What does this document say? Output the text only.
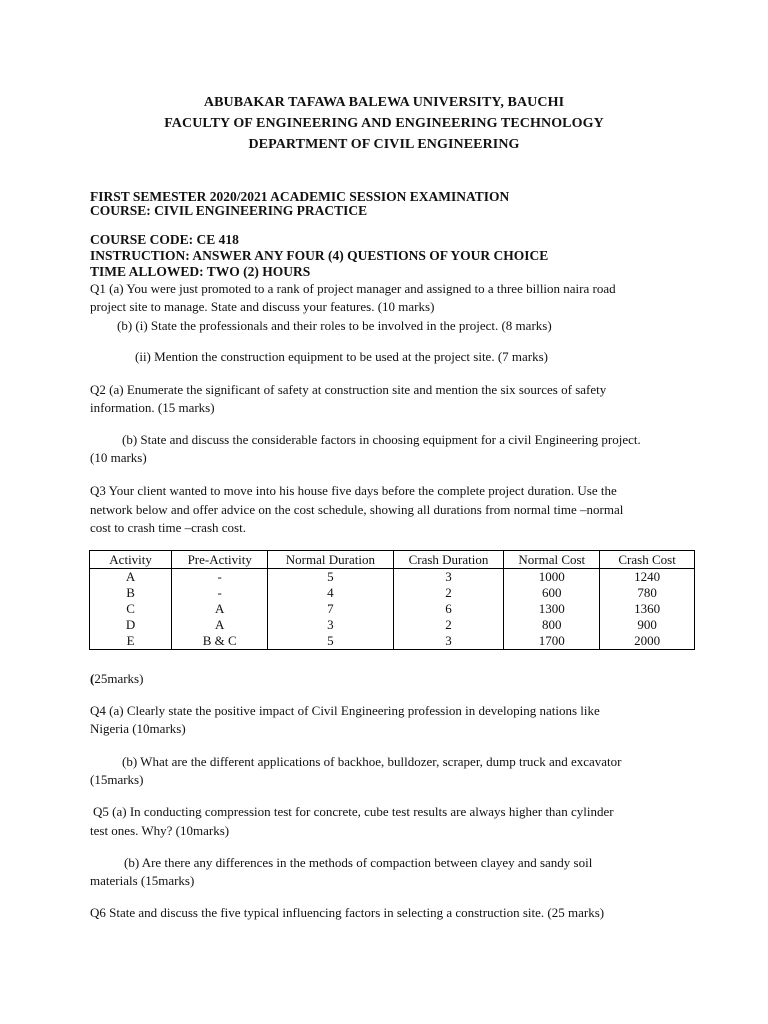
ABUBAKAR TAFAWA BALEWA UNIVERSITY, BAUCHI
FACULTY OF ENGINEERING AND ENGINEERING TECHNOLOGY
DEPARTMENT OF CIVIL ENGINEERING
FIRST SEMESTER 2020/2021 ACADEMIC SESSION EXAMINATION
COURSE: CIVIL ENGINEERING PRACTICE
COURSE CODE: CE 418
INSTRUCTION: ANSWER ANY FOUR (4) QUESTIONS OF YOUR CHOICE
TIME ALLOWED: TWO (2) HOURS
Q1 (a) You were just promoted to a rank of project manager and assigned to a three billion naira road
project site to manage. State and discuss your features. (10 marks)
(b) (i) State the professionals and their roles to be involved in the project. (8 marks)
(ii) Mention the construction equipment to be used at the project site. (7 marks)
Q2 (a) Enumerate the significant of safety at construction site and mention the six sources of safety
information. (15 marks)
(b) State and discuss the considerable factors in choosing equipment for a civil Engineering project.
(10 marks)
Q3 Your client wanted to move into his house five days before the complete project duration. Use the
network below and offer advice on the cost schedule, showing all durations from normal time –normal
cost to crash time –crash cost.
Activity	Pre-Activity	Normal Duration	Crash Duration	Normal Cost	Crash Cost
A	-	5	3	1000	1240
B	-	4	2	600	780
C	A	7	6	1300	1360
D	A	3	2	800	900
E	B & C	5	3	1700	2000
(25marks)
Q4 (a) Clearly state the positive impact of Civil Engineering profession in developing nations like
Nigeria (10marks)
(b) What are the different applications of backhoe, bulldozer, scraper, dump truck and excavator
(15marks)
Q5 (a) In conducting compression test for concrete, cube test results are always higher than cylinder
test ones. Why? (10marks)
(b) Are there any differences in the methods of compaction between clayey and sandy soil
materials (15marks)
Q6 State and discuss the five typical influencing factors in selecting a construction site. (25 marks)
